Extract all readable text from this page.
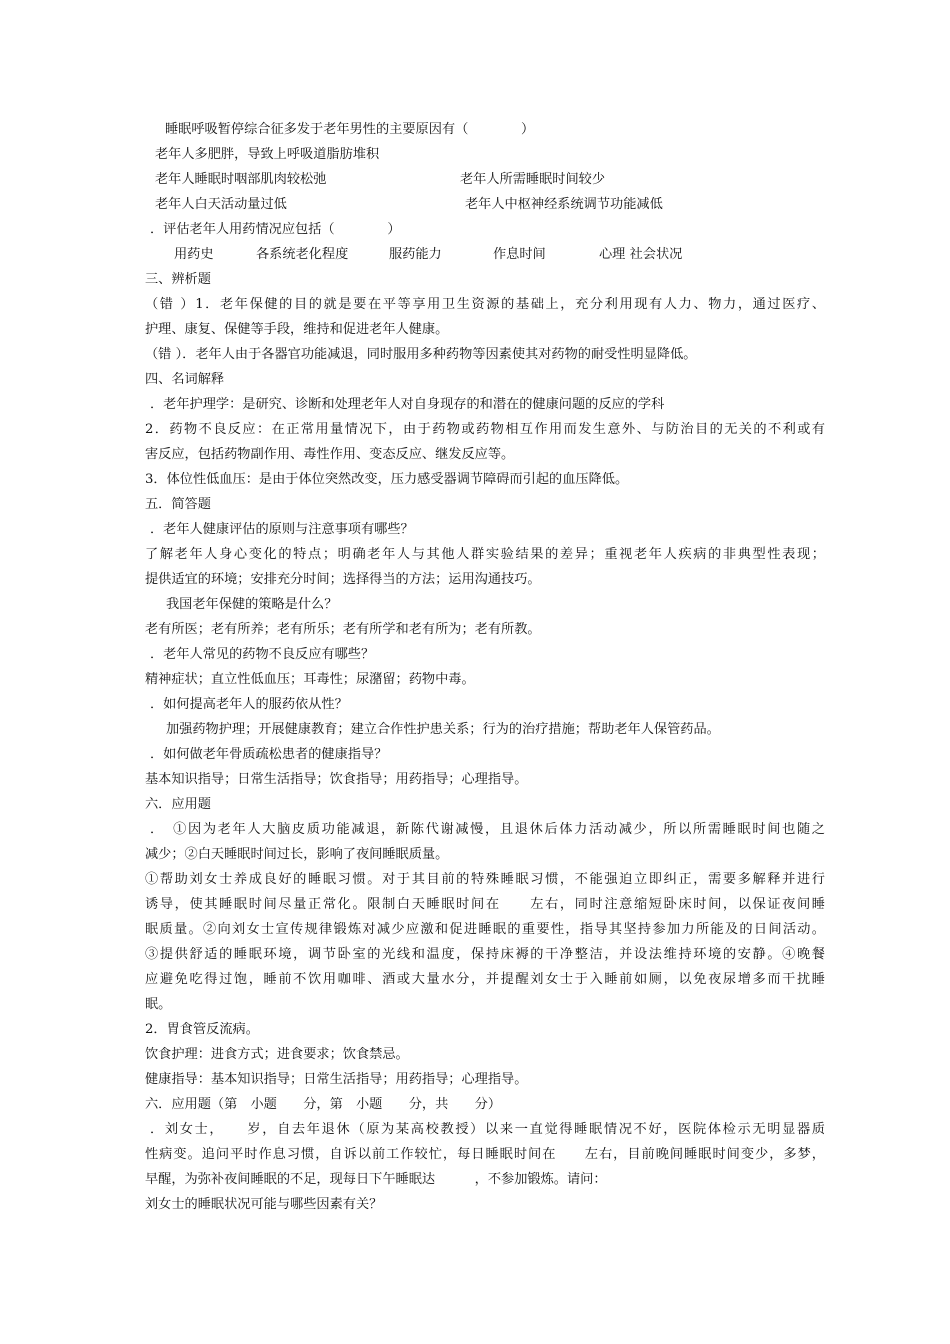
睡眠呼吸暂停综合征多发于老年男性的主要原因有（　　　　）
老年人多肥胖，导致上呼吸道脂肪堆积
老年人睡眠时咽部肌肉较松弛	老年人所需睡眠时间较少
老年人白天活动量过低	老年人中枢神经系统调节功能减低
．评估老年人用药情况应包括（　　　　）
用药史	各系统老化程度	服药能力	作息时间	心理 社会状况
三、辨析题
（错 ）1．老年保健的目的就是要在平等享用卫生资源的基础上，充分利用现有人力、物力，通过医疗、
护理、康复、保健等手段，维持和促进老年人健康。
（错 ）．老年人由于各器官功能减退，同时服用多种药物等因素使其对药物的耐受性明显降低。
四、名词解释
．老年护理学：是研究、诊断和处理老年人对自身现存的和潜在的健康问题的反应的学科
2．药物不良反应：在正常用量情况下，由于药物或药物相互作用而发生意外、与防治目的无关的不利或有
害反应，包括药物副作用、毒性作用、变态反应、继发反应等。
3．体位性低血压：是由于体位突然改变，压力感受器调节障碍而引起的血压降低。
五．简答题
．老年人健康评估的原则与注意事项有哪些？
了解老年人身心变化的特点；明确老年人与其他人群实验结果的差异；重视老年人疾病的非典型性表现；
提供适宜的环境；安排充分时间；选择得当的方法；运用沟通技巧。
我国老年保健的策略是什么？
老有所医；老有所养；老有所乐；老有所学和老有所为；老有所教。
．老年人常见的药物不良反应有哪些？
精神症状；直立性低血压；耳毒性；尿潴留；药物中毒。
．如何提高老年人的服药依从性？
加强药物护理；开展健康教育；建立合作性护患关系；行为的治疗措施；帮助老年人保管药品。
．如何做老年骨质疏松患者的健康指导？
基本知识指导；日常生活指导；饮食指导；用药指导；心理指导。
六．应用题
．　①因为老年人大脑皮质功能减退，新陈代谢减慢，且退休后体力活动减少，所以所需睡眠时间也随之
减少；②白天睡眠时间过长，影响了夜间睡眠质量。
①帮助刘女士养成良好的睡眠习惯。对于其目前的特殊睡眠习惯，不能强迫立即纠正，需要多解释并进行
诱导，使其睡眠时间尽量正常化。限制白天睡眠时间在　　左右，同时注意缩短卧床时间，以保证夜间睡
眠质量。②向刘女士宣传规律锻炼对减少应激和促进睡眠的重要性，指导其坚持参加力所能及的日间活动。
③提供舒适的睡眠环境，调节卧室的光线和温度，保持床褥的干净整洁，并设法维持环境的安静。④晚餐
应避免吃得过饱，睡前不饮用咖啡、酒或大量水分，并提醒刘女士于入睡前如厕，以免夜尿增多而干扰睡
眠。
2．胃食管反流病。
饮食护理：进食方式；进食要求；饮食禁忌。
健康指导：基本知识指导；日常生活指导；用药指导；心理指导。
六．应用题（第　小题　　分，第　小题　　分，共　　分）
．刘女士，　　岁，自去年退休（原为某高校教授）以来一直觉得睡眠情况不好，医院体检示无明显器质
性病变。追问平时作息习惯，自诉以前工作较忙，每日睡眠时间在　　左右，目前晚间睡眠时间变少，多梦，
早醒，为弥补夜间睡眠的不足，现每日下午睡眠达　　　，不参加锻炼。请问：
刘女士的睡眠状况可能与哪些因素有关？
